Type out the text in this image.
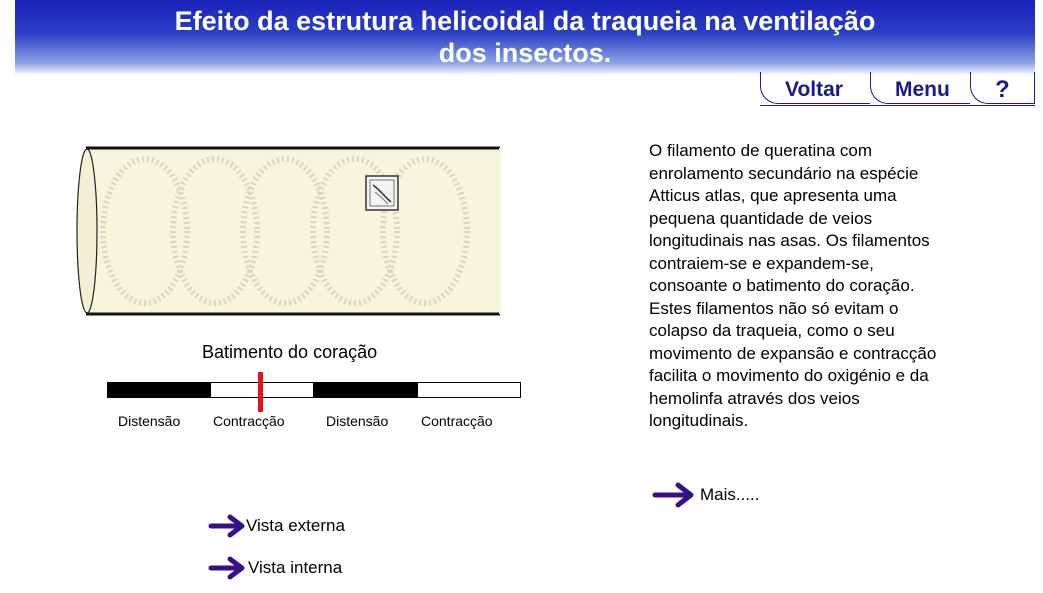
Efeito da estrutura helicoidal da traqueia na ventilação
dos insectos.
Voltar	Menu	?
Batimento do coração
Distensão Contracção	Distensão Contracção

O filamento de queratina com
enrolamento secundário na espécie
Atticus atlas, que apresenta uma
pequena quantidade de veios
longitudinais nas asas. Os filamentos
contraiem-se e expandem-se,
consoante o batimento do coração.
Estes filamentos não só evitam o
colapso da traqueia, como o seu
movimento de expansão e contracção
facilita o movimento do oxigénio e da
hemolinfa através dos veios
longitudinais.

Mais.....
Vista externa
Vista interna
